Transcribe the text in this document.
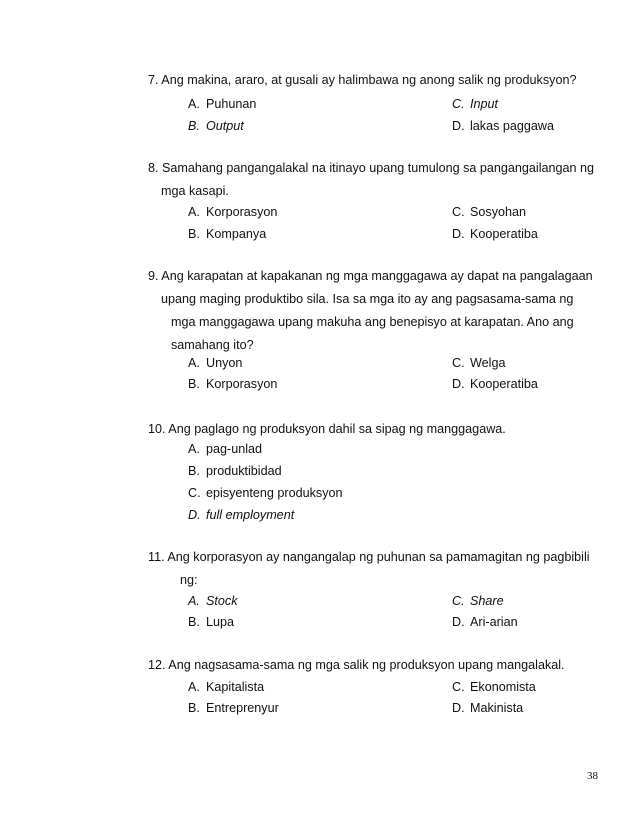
7. Ang makina, araro, at gusali ay halimbawa ng anong salik ng produksyon?
A. Puhunan	C. Input
B. Output	D. lakas paggawa
8. Samahang pangangalakal na itinayo upang tumulong sa pangangailangan ng
mga kasapi.
A. Korporasyon	C. Sosyohan
B. Kompanya	D. Kooperatiba
9. Ang karapatan at kapakanan ng mga manggagawa ay dapat na pangalagaan
upang maging produktibo sila. Isa sa mga ito ay ang pagsasama-sama ng
mga manggagawa upang makuha ang benepisyo at karapatan. Ano ang
samahang ito?
A. Unyon	C. Welga
B. Korporasyon	D. Kooperatiba
10. Ang paglago ng produksyon dahil sa sipag ng manggagawa.
A. pag-unlad
B. produktibidad
C. episyenteng produksyon
D. full employment
11. Ang korporasyon ay nangangalap ng puhunan sa pamamagitan ng pagbibili
ng:
A. Stock	C. Share
B. Lupa	D. Ari-arian
12. Ang nagsasama-sama ng mga salik ng produksyon upang mangalakal.
A. Kapitalista	C. Ekonomista
B. Entreprenyur	D. Makinista
38
